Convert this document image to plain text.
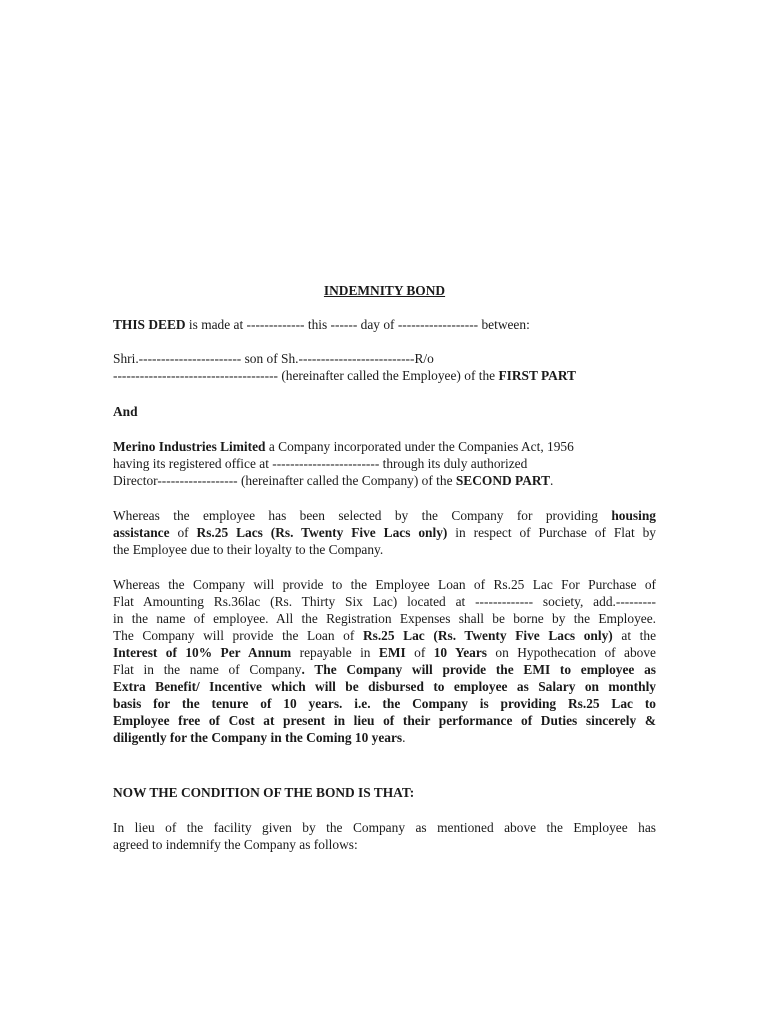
INDEMNITY BOND

THIS DEED is made at ------------- this ------ day of ------------------ between:

Shri.----------------------- son of Sh.--------------------------R/o
------------------------------------- (hereinafter called the Employee) of the FIRST PART

And

Merino Industries Limited a Company incorporated under the Companies Act, 1956
having its registered office at ------------------------ through its duly authorized
Director------------------ (hereinafter called the Company) of the SECOND PART.

Whereas the employee has been selected by the Company for providing housing
assistance of Rs.25 Lacs (Rs. Twenty Five Lacs only) in respect of Purchase of Flat by
the Employee due to their loyalty to the Company.

Whereas the Company will provide to the Employee Loan of Rs.25 Lac For Purchase of
Flat Amounting Rs.36lac (Rs. Thirty Six Lac) located at ------------- society, add.---------
in the name of employee. All the Registration Expenses shall be borne by the Employee.
The Company will provide the Loan of Rs.25 Lac (Rs. Twenty Five Lacs only) at the
Interest of 10% Per Annum repayable in EMI of 10 Years on Hypothecation of above
Flat in the name of Company. The Company will provide the EMI to employee as
Extra Benefit/ Incentive which will be disbursed to employee as Salary on monthly
basis for the tenure of 10 years. i.e. the Company is providing Rs.25 Lac to
Employee free of Cost at present in lieu of their performance of Duties sincerely &
diligently for the Company in the Coming 10 years.

NOW THE CONDITION OF THE BOND IS THAT:

In lieu of the facility given by the Company as mentioned above the Employee has
agreed to indemnify the Company as follows:
